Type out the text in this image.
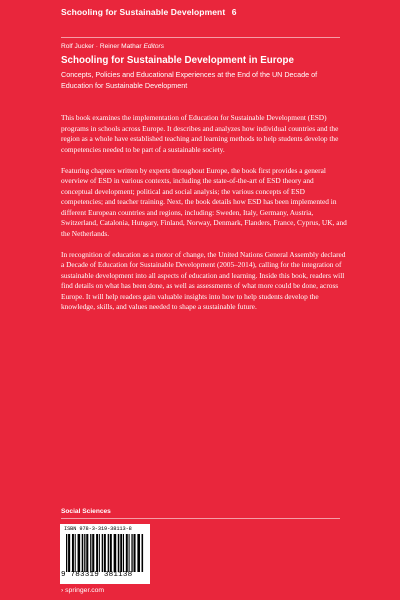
Schooling for Sustainable Development 6
Rolf Jucker · Reiner Mathar Editors
Schooling for Sustainable Development in Europe
Concepts, Policies and Educational Experiences at the End of the UN Decade of Education for Sustainable Development

This book examines the implementation of Education for Sustainable Development (ESD) programs in schools across Europe. It describes and analyzes how individual countries and the region as a whole have established teaching and learning methods to help students develop the competencies needed to be part of a sustainable society.

Featuring chapters written by experts throughout Europe, the book first provides a general overview of ESD in various contexts, including the state-of-the-art of ESD theory and conceptual development; political and social analysis; the various concepts of ESD competencies; and teacher training. Next, the book details how ESD has been implemented in different European countries and regions, including: Sweden, Italy, Germany, Austria, Switzerland, Catalonia, Hungary, Finland, Norway, Denmark, Flanders, France, Cyprus, UK, and the Netherlands.

In recognition of education as a motor of change, the United Nations General Assembly declared a Decade of Education for Sustainable Development (2005–2014), calling for the integration of sustainable development into all aspects of education and learning. Inside this book, readers will find details on what has been done, as well as assessments of what more could be done, across Europe. It will help readers gain valuable insights into how to help students develop the knowledge, skills, and values needed to shape a sustainable future.

Social Sciences
ISBN 978-3-319-38113-8
9 783319 381138
› springer.com
